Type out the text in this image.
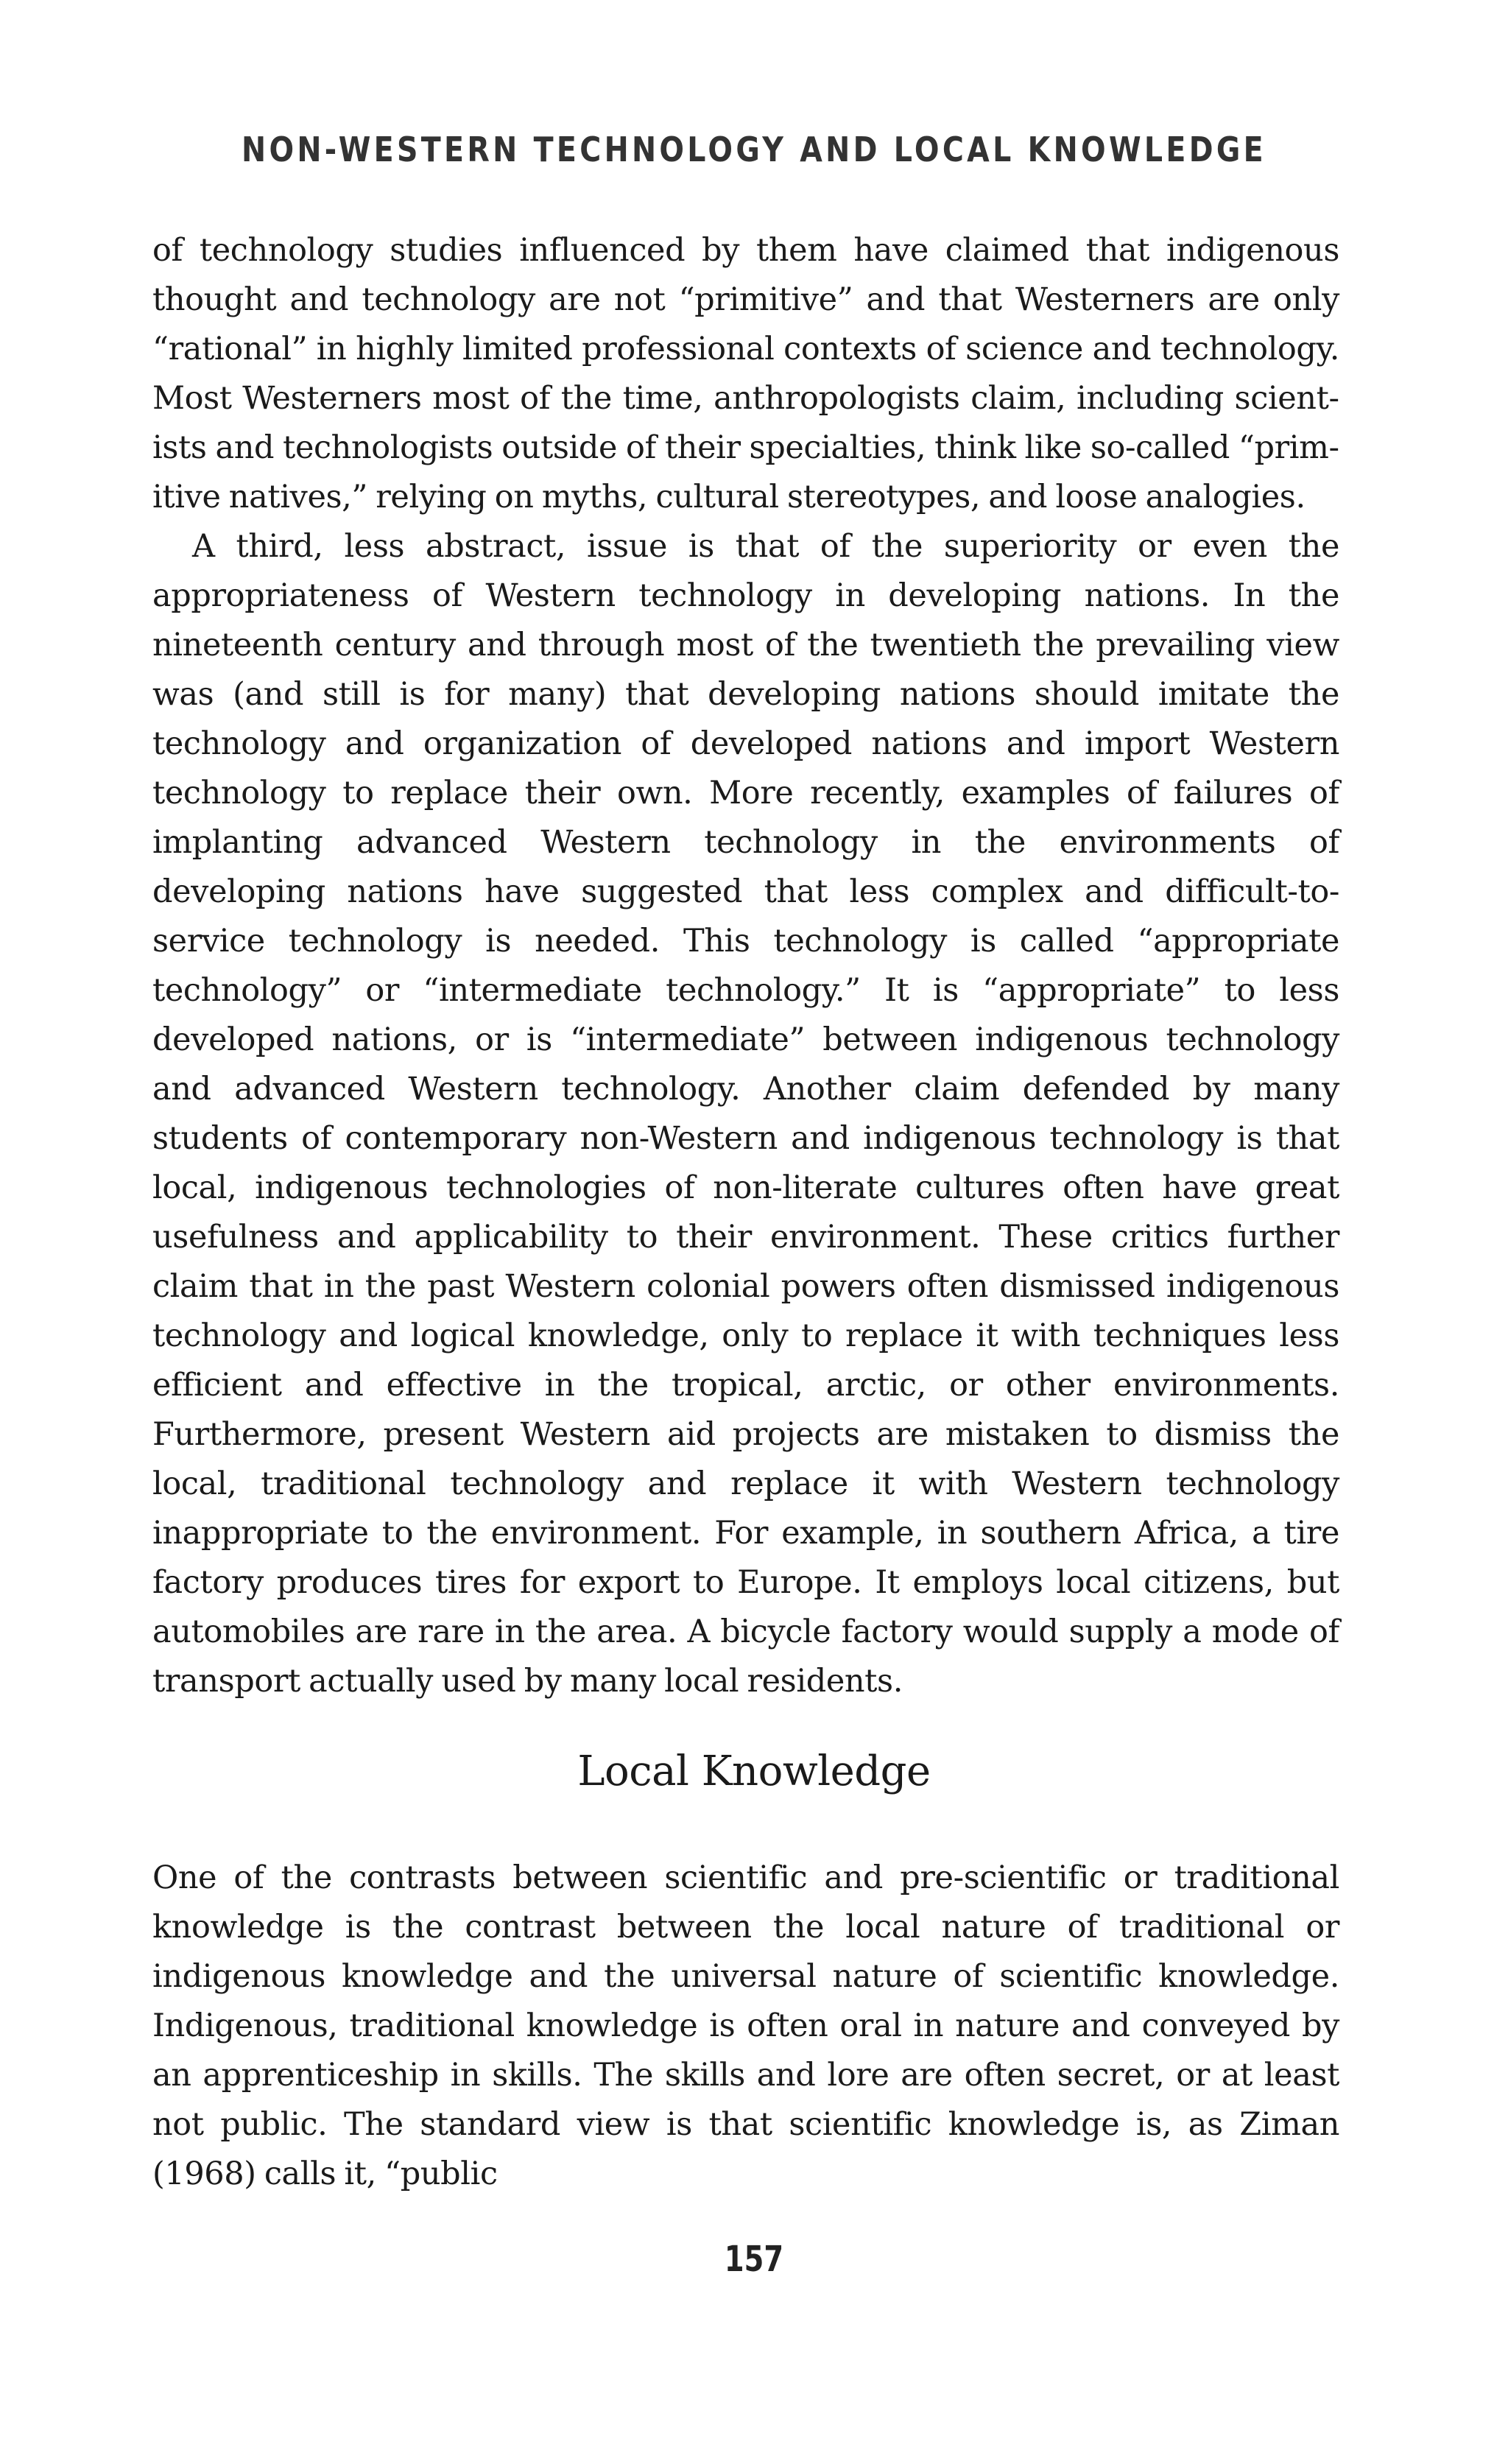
NON-WESTERN TECHNOLOGY AND LOCAL KNOWLEDGE

of technology studies influenced by them have claimed that indigenous thought and technology are not “primitive” and that Westerners are only “rational” in highly limited professional contexts of science and technology. Most Westerners most of the time, anthropologists claim, including scientists and technologists outside of their specialties, think like so-called “primitive natives,” relying on myths, cultural stereotypes, and loose analogies.

A third, less abstract, issue is that of the superiority or even the appropriateness of Western technology in developing nations. In the nineteenth century and through most of the twentieth the prevailing view was (and still is for many) that developing nations should imitate the technology and organization of developed nations and import Western technology to replace their own. More recently, examples of failures of implanting advanced Western technology in the environments of developing nations have suggested that less complex and difficult-to-service technology is needed. This technology is called “appropriate technology” or “intermediate technology.” It is “appropriate” to less developed nations, or is “intermediate” between indigenous technology and advanced Western technology. Another claim defended by many students of contemporary non-Western and indigenous technology is that local, indigenous technologies of non-literate cultures often have great usefulness and applicability to their environment. These critics further claim that in the past Western colonial powers often dismissed indigenous technology and logical knowledge, only to replace it with techniques less efficient and effective in the tropical, arctic, or other environments. Furthermore, present Western aid projects are mistaken to dismiss the local, traditional technology and replace it with Western technology inappropriate to the environment. For example, in southern Africa, a tire factory produces tires for export to Europe. It employs local citizens, but automobiles are rare in the area. A bicycle factory would supply a mode of transport actually used by many local residents.

Local Knowledge

One of the contrasts between scientific and pre-scientific or traditional knowledge is the contrast between the local nature of traditional or indigenous knowledge and the universal nature of scientific knowledge. Indigenous, traditional knowledge is often oral in nature and conveyed by an apprenticeship in skills. The skills and lore are often secret, or at least not public. The standard view is that scientific knowledge is, as Ziman (1968) calls it, “public

157
